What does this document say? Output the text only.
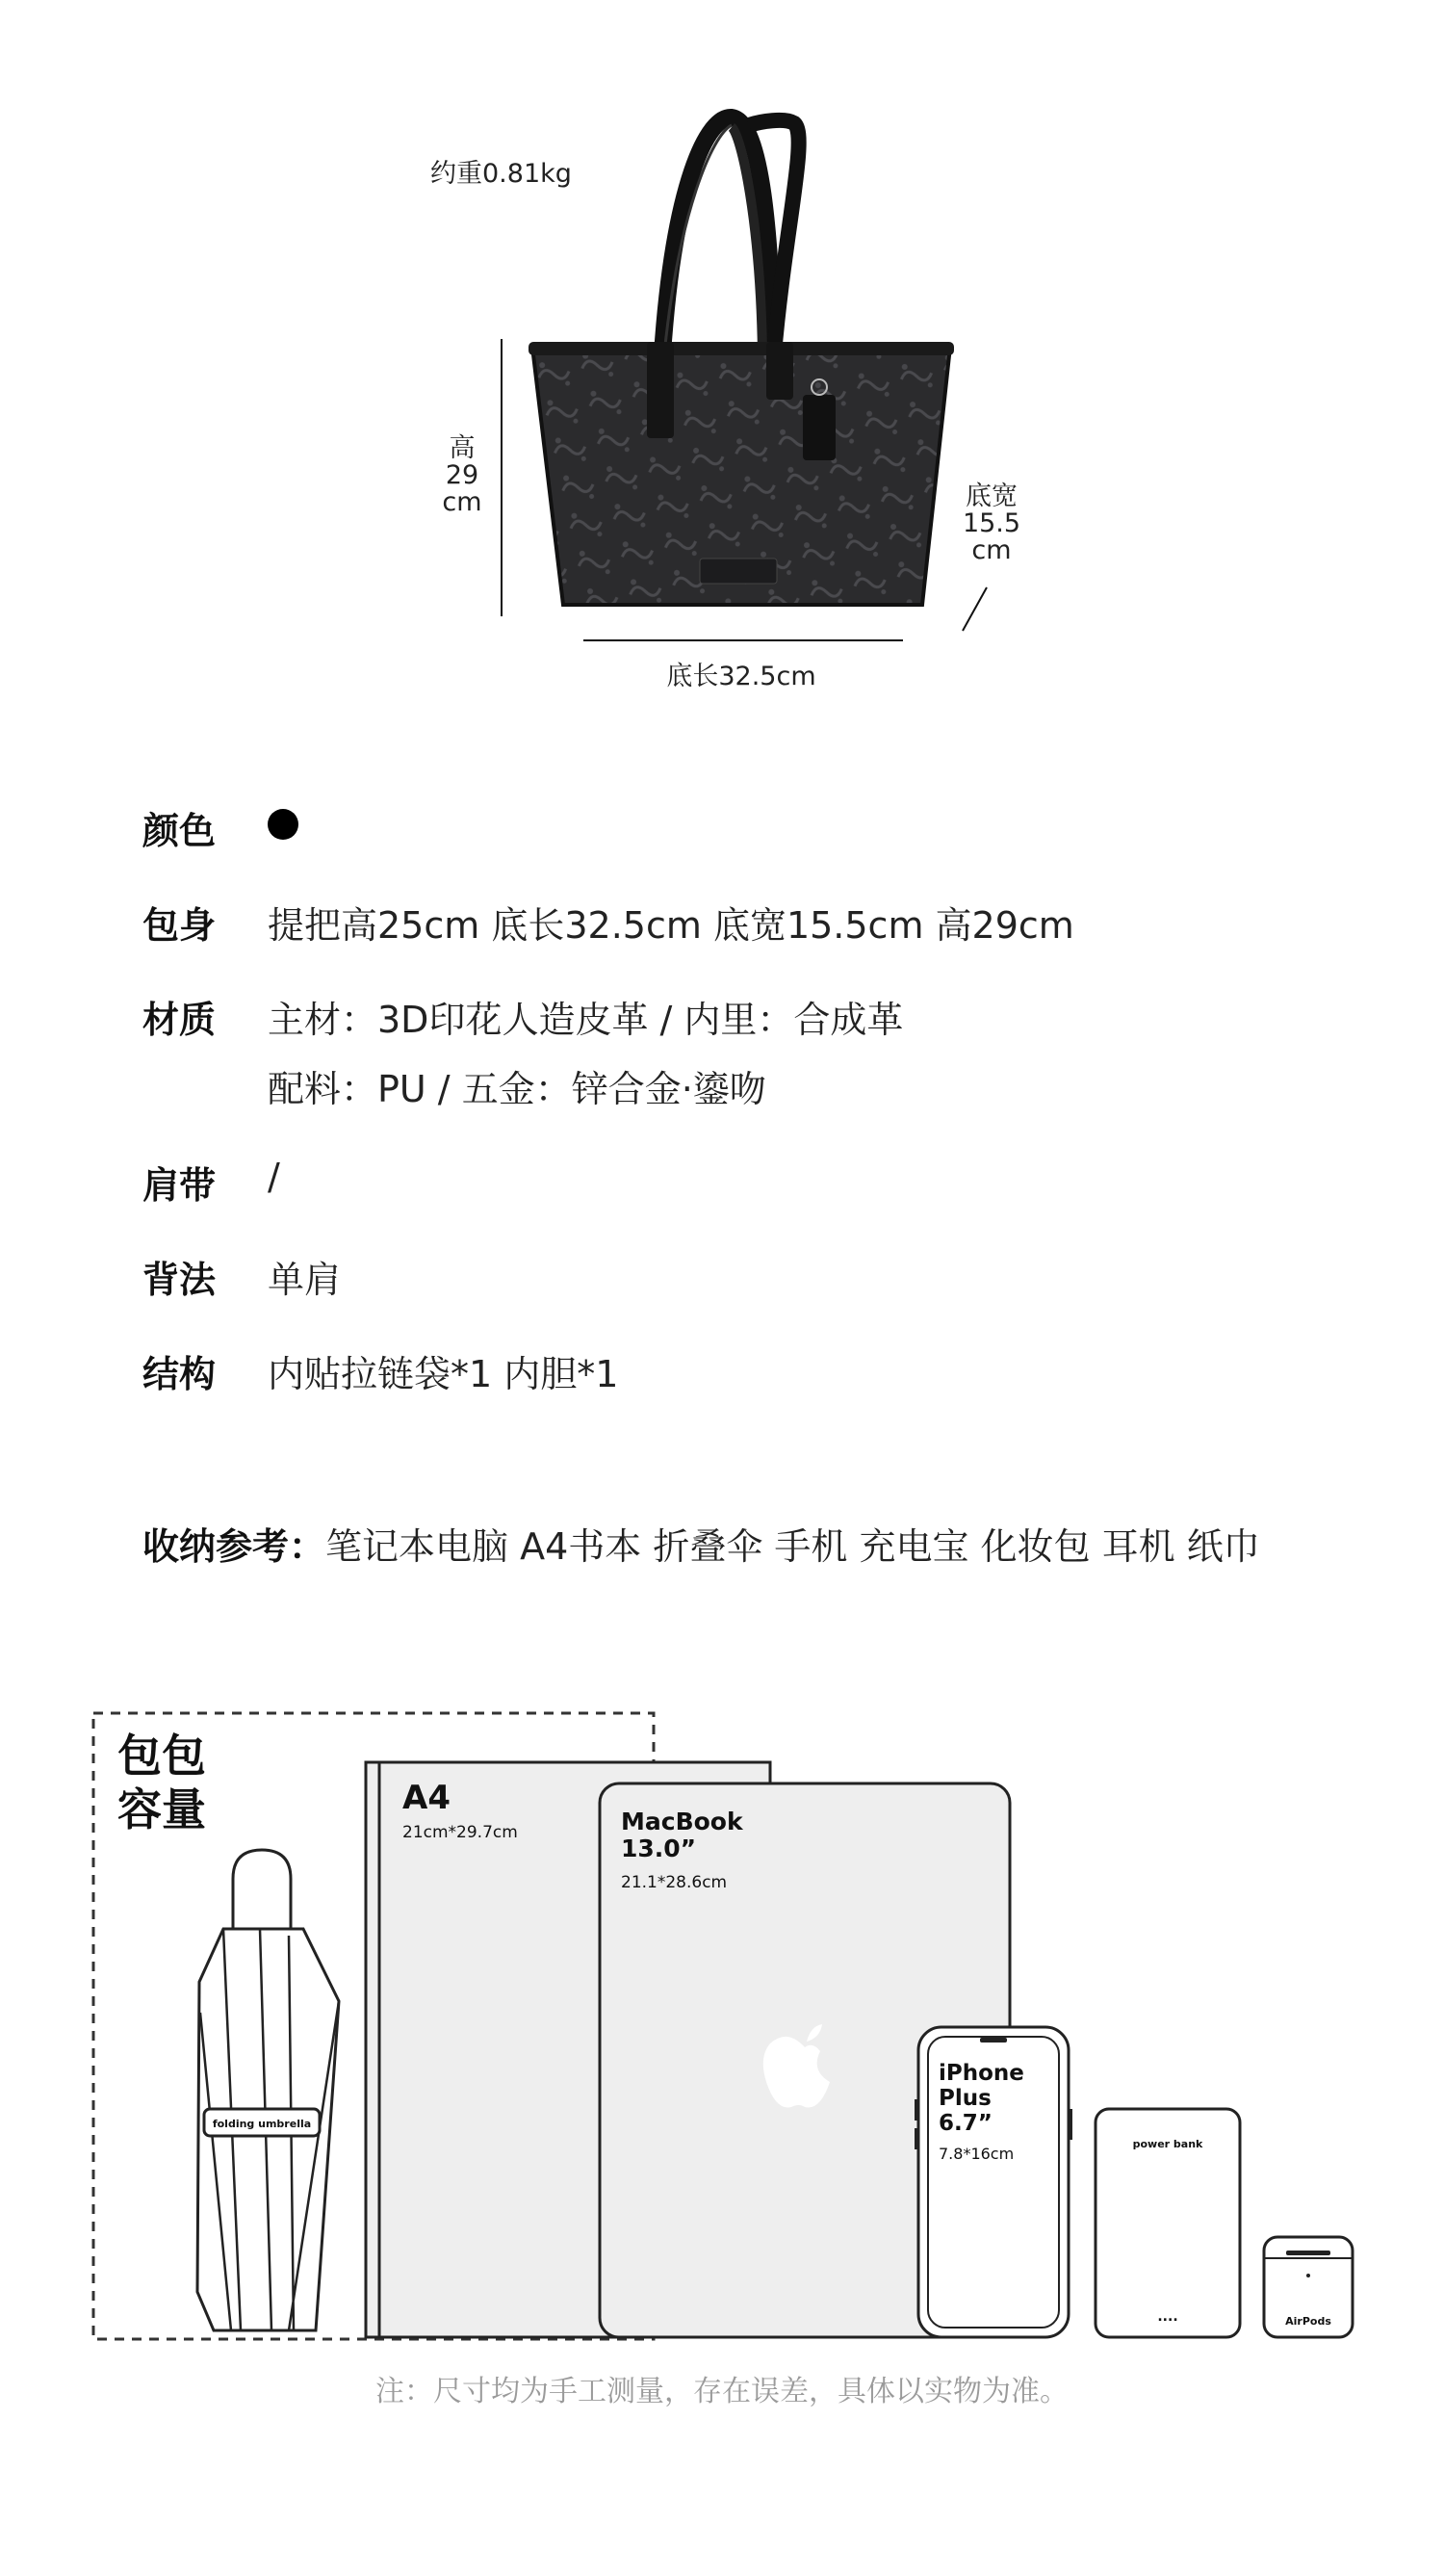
约重0.81kg
高
29
cm	底宽
15.5
cm
底长32.5cm
颜色
包身 提把高25cm 底长32.5cm 底宽15.5cm 高29cm
材质 主材：3D印花人造皮革 / 内里：合成革
配料：PU / 五金：锌合金·鎏吻
肩带 /
背法 单肩
结构 内贴拉链袋*1 内胆*1
收纳参考：笔记本电脑 A4书本 折叠伞 手机 充电宝 化妆包 耳机 纸巾
folding umbrella
A4
21cm*29.7cm	MacBook
13.0”
21.1*28.6cm
iPhone
Plus
6.7”
7.8*16cm
power bank
....	AirPods
包包
容量
注：尺寸均为手工测量，存在误差，具体以实物为准。
